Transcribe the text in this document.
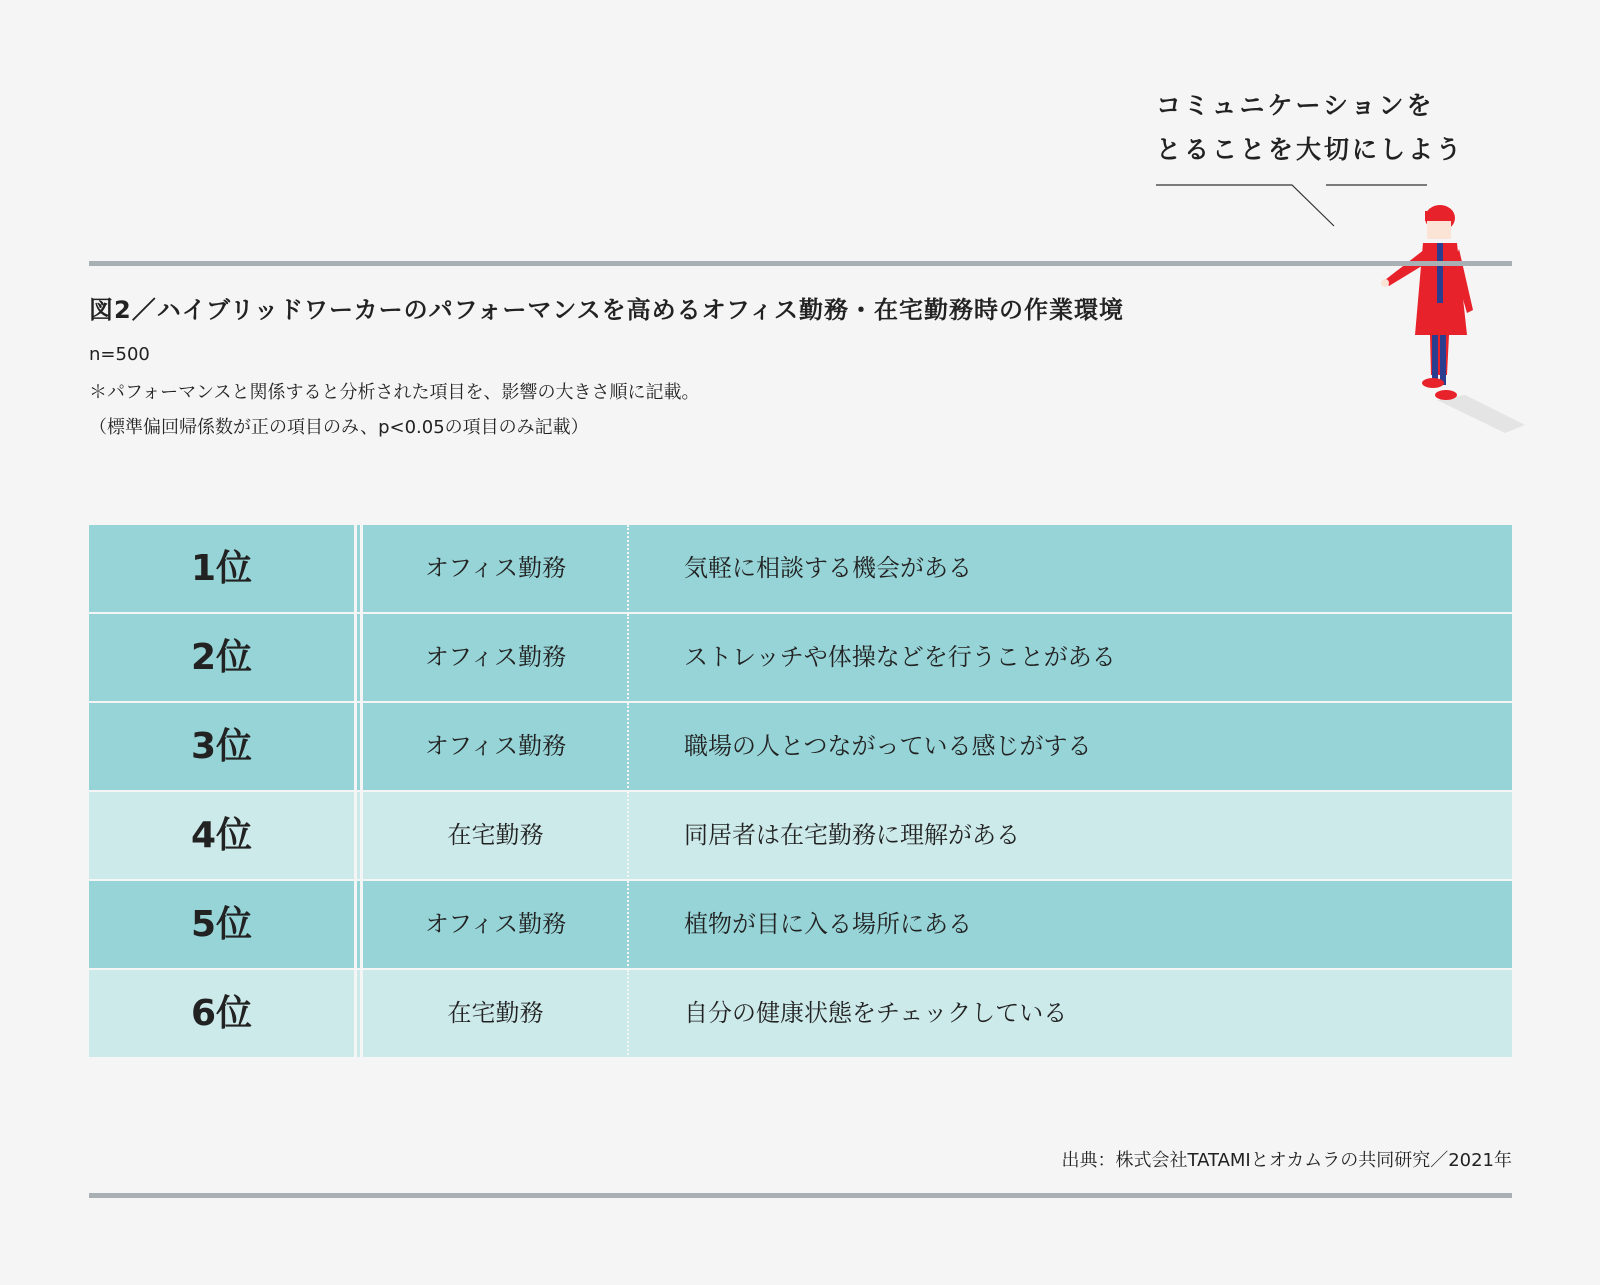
コミュニケーションを
とることを大切にしよう
図2／ハイブリッドワーカーのパフォーマンスを高めるオフィス勤務・在宅勤務時の作業環境
n=500
＊パフォーマンスと関係すると分析された項目を、影響の大きさ順に記載。
（標準偏回帰係数が正の項目のみ、p<0.05の項目のみ記載）
1位	オフィス勤務	気軽に相談する機会がある
2位	オフィス勤務	ストレッチや体操などを行うことがある
3位	オフィス勤務	職場の人とつながっている感じがする
4位	在宅勤務	同居者は在宅勤務に理解がある
5位	オフィス勤務	植物が目に入る場所にある
6位	在宅勤務	自分の健康状態をチェックしている
出典：株式会社TATAMIとオカムラの共同研究／2021年
